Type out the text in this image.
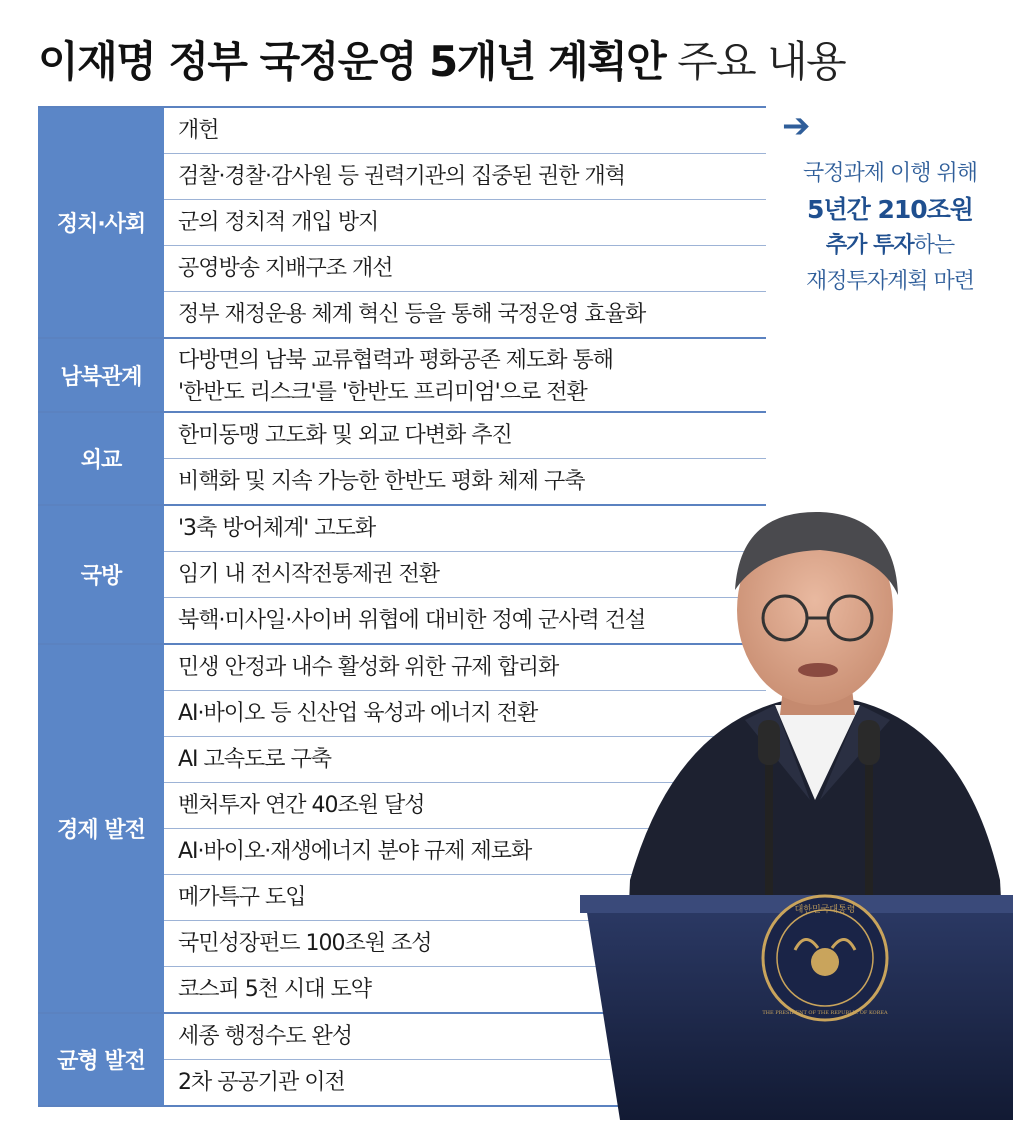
이재명 정부 국정운영 5개년 계획안 주요 내용
정치·사회
개헌
검찰·경찰·감사원 등 권력기관의 집중된 권한 개혁
군의 정치적 개입 방지
공영방송 지배구조 개선
정부 재정운용 체계 혁신 등을 통해 국정운영 효율화
남북관계
다방면의 남북 교류협력과 평화공존 제도화 통해
'한반도 리스크'를 '한반도 프리미엄'으로 전환
외교
한미동맹 고도화 및 외교 다변화 추진
비핵화 및 지속 가능한 한반도 평화 체제 구축
국방
'3축 방어체계' 고도화
임기 내 전시작전통제권 전환
북핵·미사일·사이버 위협에 대비한 정예 군사력 건설
경제 발전
민생 안정과 내수 활성화 위한 규제 합리화
AI·바이오 등 신산업 육성과 에너지 전환
AI 고속도로 구축
벤처투자 연간 40조원 달성
AI·바이오·재생에너지 분야 규제 제로화
메가특구 도입
국민성장펀드 100조원 조성
코스피 5천 시대 도약
균형 발전
세종 행정수도 완성
2차 공공기관 이전
➔
국정과제 이행 위해
5년간 210조원
추가 투자하는
재정투자계획 마련
대한민국대통령
THE PRESIDENT OF THE REPUBLIC OF KOREA
